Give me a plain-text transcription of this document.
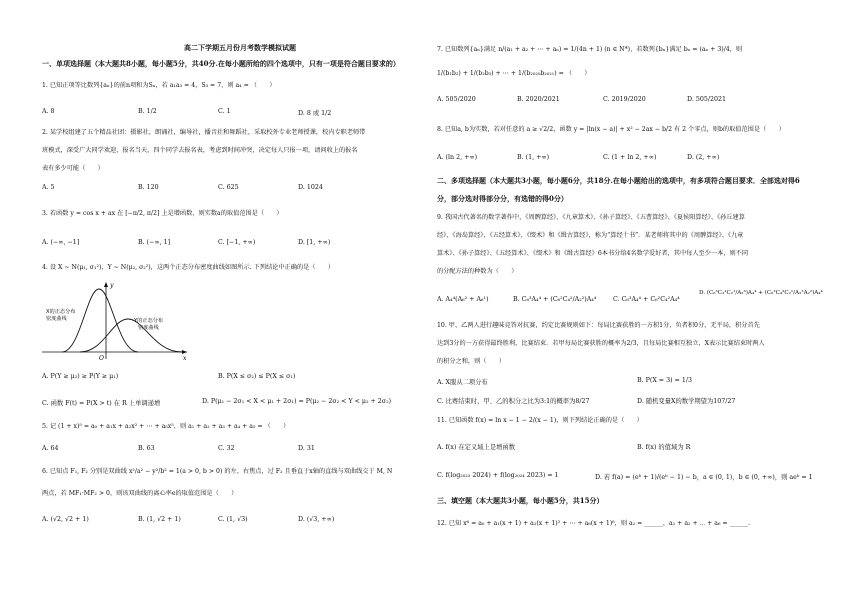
高二下学期五月份月考数学模拟试题
一、单项选择题（本大题共8小题，每小题5分，共40分.在每小题所给的四个选项中，只有一项是符合题目要求的）
1. 已知正项等比数列{aₙ}的前n项和为Sₙ，若 a₁a₃ = 4，S₃ = 7，则 a₄ = （　　）
A. 8	B. 1/2	C. 1	D. 8 或 1/2
2. 某学校组建了五个精品社团：摄影社，朗诵社，编导社，播音社和舞蹈社，采取校外专业老师授课，校内专职老师带
班模式，深受广大同学欢迎，报名当天，四个同学去报名表，考虑到时间冲突，决定每人只报一项，请问收上的报名
表有多少可能（　　）
A. 5	B. 120	C. 625	D. 1024
3. 若函数 y = cos x + ax 在 [−π/2, π/2] 上是增函数，则实数a的取值范围是（　　）
A. (−∞, −1]	B. (−∞, 1]	C. [−1, +∞)	D. [1, +∞)
4. 设 X ~ N(μ₁, σ₁²)，Y ~ N(μ₂, σ₂²)，这两个正态分布密度曲线如图所示. 下列结论中正确的是（　　）
X的正态分布
密度曲线	Y的正态分布
密度曲线
y
x
O
A. P(Y ≥ μ₂) ≥ P(Y ≥ μ₁)	B. P(X ≤ σ₂) ≤ P(X ≤ σ₁)
C. 函数 F(t) = P(X > t) 在 R 上单调递增	D. P(μ₁ − 2σ₁ < X < μ₁ + 2σ₁) = P(μ₂ − 2σ₂ < Y < μ₂ + 2σ₂)
5. 记 (1 + x)⁵ = a₀ + a₁x + a₂x² + ⋯ + a₅x⁵，则 a₁ + a₂ + a₃ + a₄ + a₅ = （　　）
A. 64	B. 63	C. 32	D. 31
6. 已知点 F₁, F₂ 分别是双曲线 x²/a² − y²/b² = 1(a > 0, b > 0) 的左、右焦点，过 F₂ 且垂直于x轴的直线与双曲线交于 M, N
两点，若 MF₁·MF₂ > 0，则该双曲线的离心率e的取值范围是（　　）
A. (√2, √2 + 1)	B. (1, √2 + 1)	C. (1, √3)	D. (√3, +∞)
7. 已知数列{aₙ}满足 n/(a₁ + a₂ + ⋯ + aₙ) = 1/(4n + 1) (n ∈ N*)，若数列{bₙ}满足 bₙ = (aₙ + 3)/4，则
1/(b₁b₂) + 1/(b₂b₃) + ⋯ + 1/(b₂₀₂₀b₂₀₂₁) = （　　）
A. 505/2020	B. 2020/2021	C. 2019/2020	D. 505/2021
8. 已知a, b为实数，若对任意的 a ≥ √2/2，函数 y = |ln(x − a)| + x² − 2ax − b/2 有 2 个零点，则b的取值范围是（　　）
A. (ln 2, +∞)	B. (1, +∞)	C. (1 + ln 2, +∞)	D. (2, +∞)
二、多项选择题（本大题共3小题，每小题6分，共18分.在每小题给出的选项中，有多项符合题目要求．全部选对得6
分，部分选对得部分分，有选错的得0分）
9. 我国古代著名的数学著作中，《周髀算经》、《九章算术》、《孙子算经》、《五曹算经》、《夏侯阳算经》、《孙丘建算
经》、《海岛算经》、《五经算术》、《缀术》和《缉古算经》，称为“算经十书”．某老师将其中的《周髀算经》、《九章
算术》、《孙子算经》、《五经算术》、《缀术》和《缉古算经》6本书分给4名数学爱好者，其中每人至少一本，则不同
的分配方法的种数为（　　）
A. A₄⁴(A₆² + A₆¹)	B. C₆³A₄⁴ + (C₆²C₄²/A₂²)A₄⁴	C. C₆³A₄⁴ + C₆²C₄²A₄⁴
D. (C₆³C₃¹C₂¹/A₃³)A₄⁴ + (C₆²C₄²C₂¹/A₂²A₂²)A₄⁴
10. 甲、乙两人进行趣味竞答对抗赛，约定比赛规则如下：每局比赛获胜的一方积1分，负者积0分，无平局，积分首先
达到3分的一方获得最终胜利，比赛结束．若甲每局比赛获胜的概率为2/3，且每局比赛相互独立，X表示比赛结束时两人
的积分之和，则（　　）
A. X服从二项分布	B. P(X = 3) = 1/3
C. 比赛结束时，甲、乙的积分之比为3:1的概率为8/27	D. 随机变量X的数学期望为107/27
11. 已知函数 f(x) = ln x − 1 − 2/(x − 1)，则下列结论正确的是（　　）
A. f(x) 在定义域上是增函数	B. f(x) 的值域为 R
C. f(log₂₀₂₃ 2024) + f(log₂₀₂₄ 2023) = 1	D. 若 f(a) = (eᵇ + 1)/(eᵇ − 1) − b，a ∈ (0, 1)，b ∈ (0, +∞)，则 aeᵇ = 1
三、填空题（本大题共3小题，每小题5分，共15分）
12. 已知 x⁶ = a₀ + a₁(x + 1) + a₂(x + 1)² + ⋯ + a₆(x + 1)⁶，则 a₂ = ______，a₁ + a₂ + ⋯ + a₆ = ______.
